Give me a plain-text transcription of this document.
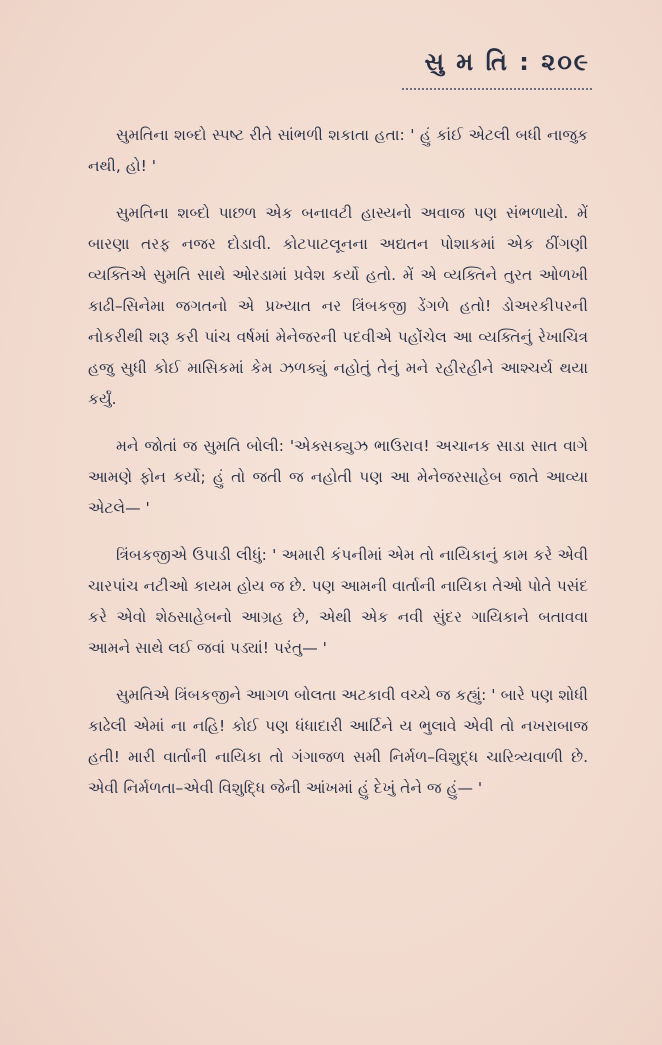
સુ મ તિ : ૨૦૯

સુમતિના શબ્દો સ્પષ્ટ રીતે સાંભળી શકાતા હતા: ' હું કાંઈ એટલી બધી નાજુક નથી, હો! '

સુમતિના શબ્દો પાછળ એક બનાવટી હાસ્યનો અવાજ પણ સંભળાયો. મેં બારણા તરફ નજર દોડાવી. કોટપાટલૂનના અદ્યતન પોશાકમાં એક ઠીંગણી વ્યક્તિએ સુમતિ સાથે ઓરડામાં પ્રવેશ કર્યો હતો. મેં એ વ્યક્તિને તુરત ઓળખી કાઢી–સિનેમા જગતનો એ પ્રખ્યાત નર ત્રિંબકજી ડેંગળે હતો! ડોઅરકીપરની નોકરીથી શરૂ કરી પાંચ વર્ષમાં મેનેજરની પદવીએ પહોંચેલ આ વ્યક્તિનું રેખાચિત્ર હજુ સુધી કોઈ માસિકમાં કેમ ઝળક્યું નહોતું તેનું મને રહીરહીને આશ્ચર્ય થયા કર્યું.

મને જોતાં જ સુમતિ બોલી: 'એક્સક્યુઝ ભાઉરાવ! અચાનક સાડા સાત વાગે આમણે ફોન કર્યો; હું તો જતી જ નહોતી પણ આ મેનેજરસાહેબ જાતે આવ્યા એટલે— '

ત્રિંબકજીએ ઉપાડી લીધું: ' અમારી કંપનીમાં એમ તો નાયિકાનું કામ કરે એવી ચારપાંચ નટીઓ કાયમ હોય જ છે. પણ આમની વાર્તાની નાયિકા તેઓ પોતે પસંદ કરે એવો શેઠસાહેબનો આગ્રહ છે, એથી એક નવી સુંદર ગાયિકાને બતાવવા આમને સાથે લઈ જવાં પડ્યાં! પરંતુ— '

સુમતિએ ત્રિંબકજીને આગળ બોલતા અટકાવી વચ્ચે જ કહ્યું: ' બારે પણ શોધી કાઢેલી એમાં ના નહિ! કોઈ પણ ધંધાદારી આર્ટિને ય ભુલાવે એવી તો નખરાબાજ હતી! મારી વાર્તાની નાયિકા તો ગંગાજળ સમી નિર્મળ–વિશુદ્ધ ચારિત્ર્યવાળી છે. એવી નિર્મળતા–એવી વિશુદ્ધિ જેની આંખમાં હું દેખું તેને જ હું— '
